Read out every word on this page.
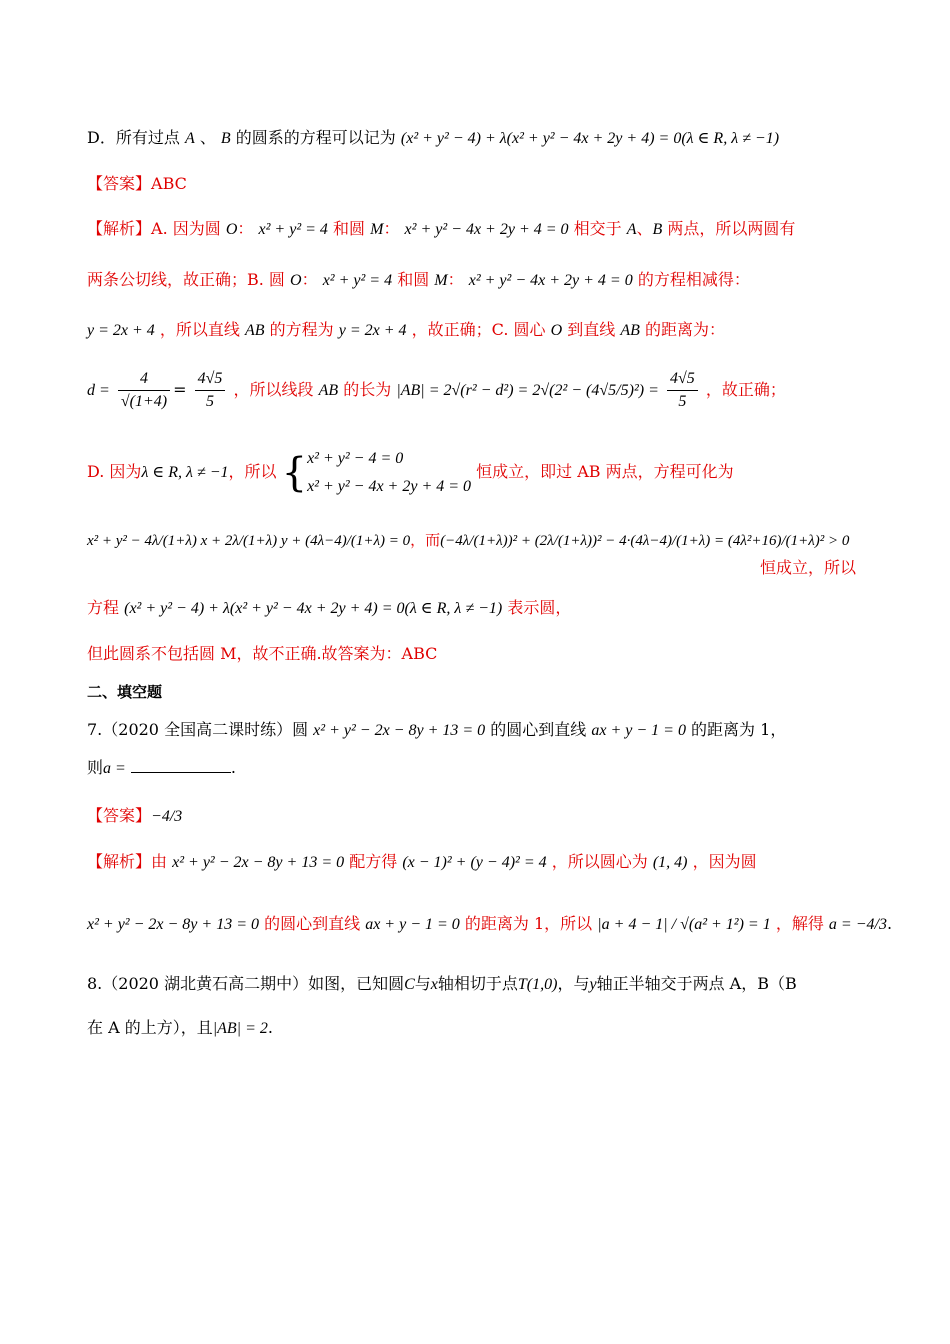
D．所有过点 A 、 B 的圆系的方程可以记为 (x² + y² − 4) + λ(x² + y² − 4x + 2y + 4) = 0(λ ∈ R, λ ≠ −1)
【答案】ABC
【解析】A. 因为圆 O： x² + y² = 4 和圆 M： x² + y² − 4x + 2y + 4 = 0 相交于 A、B 两点，所以两圆有
两条公切线，故正确；B. 圆 O： x² + y² = 4 和圆 M： x² + y² − 4x + 2y + 4 = 0 的方程相减得：
y = 2x + 4 ，所以直线 AB 的方程为 y = 2x + 4 ，故正确；C. 圆心 O 到直线 AB 的距离为：
$d = \frac{4}{√(1+4)} = \frac{4√5}{5}$ ，所以线段 AB 的长为 $|AB| = 2√(r^2 - d^2) = 2√(2^2 - (4√5/5)^2) = \frac{4√5}{5}$ ，故正确；
D. 因为λ ∈ R, λ ≠ −1，所以 { x² + y² − 4 = 0
x² + y² − 4x + 2y + 4 = 0
恒成立，即过 AB 两点，方程可化为
x² + y² − 4λ/(1+λ) x + 2λ/(1+λ) y + (4λ−4)/(1+λ) = 0，而(−4λ/(1+λ))² + (2λ/(1+λ))² − 4·(4λ−4)/(1+λ) = (4λ²+16)/(1+λ)² > 0
恒成立，所以
方程 (x² + y² − 4) + λ(x² + y² − 4x + 2y + 4) = 0(λ ∈ R, λ ≠ −1) 表示圆，
但此圆系不包括圆 M，故不正确.故答案为：ABC
二、填空题
7.（2020 全国高二课时练）圆 x² + y² − 2x − 8y + 13 = 0 的圆心到直线 ax + y − 1 = 0 的距离为 1，
则a =	.
【答案】−4/3
【解析】由 x² + y² − 2x − 8y + 13 = 0 配方得 (x − 1)² + (y − 4)² = 4 ，所以圆心为 (1, 4) ，因为圆
x² + y² − 2x − 8y + 13 = 0 的圆心到直线 ax + y − 1 = 0 的距离为 1，所以 |a + 4 − 1| / √(a² + 1²) = 1 ，解得 a = −4/3.
8.（2020 湖北黄石高二期中）如图，已知圆C与x轴相切于点T(1,0)，与y轴正半轴交于两点 A，B（B
在 A 的上方），且|AB| = 2.
